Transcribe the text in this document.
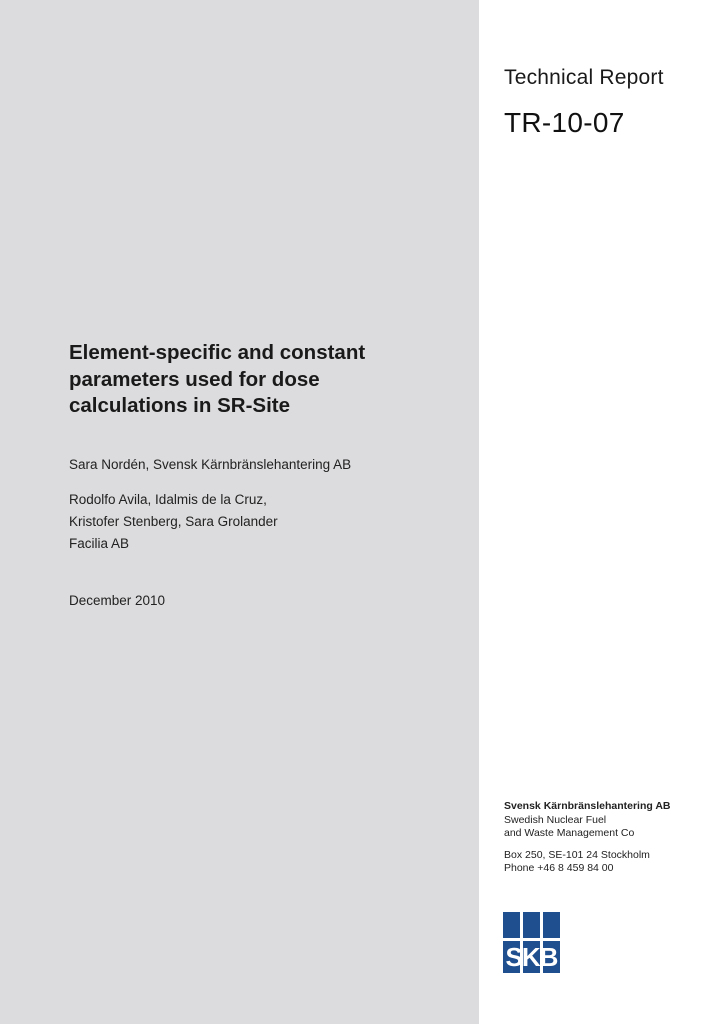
Technical Report
TR-10-07
Element-specific and constant
parameters used for dose
calculations in SR-Site
Sara Nordén, Svensk Kärnbränslehantering AB
Rodolfo Avila, Idalmis de la Cruz,
Kristofer Stenberg, Sara Grolander
Facilia AB
December 2010
Svensk Kärnbränslehantering AB
Swedish Nuclear Fuel
and Waste Management Co
Box 250, SE-101 24 Stockholm
Phone +46 8 459 84 00
SKB
